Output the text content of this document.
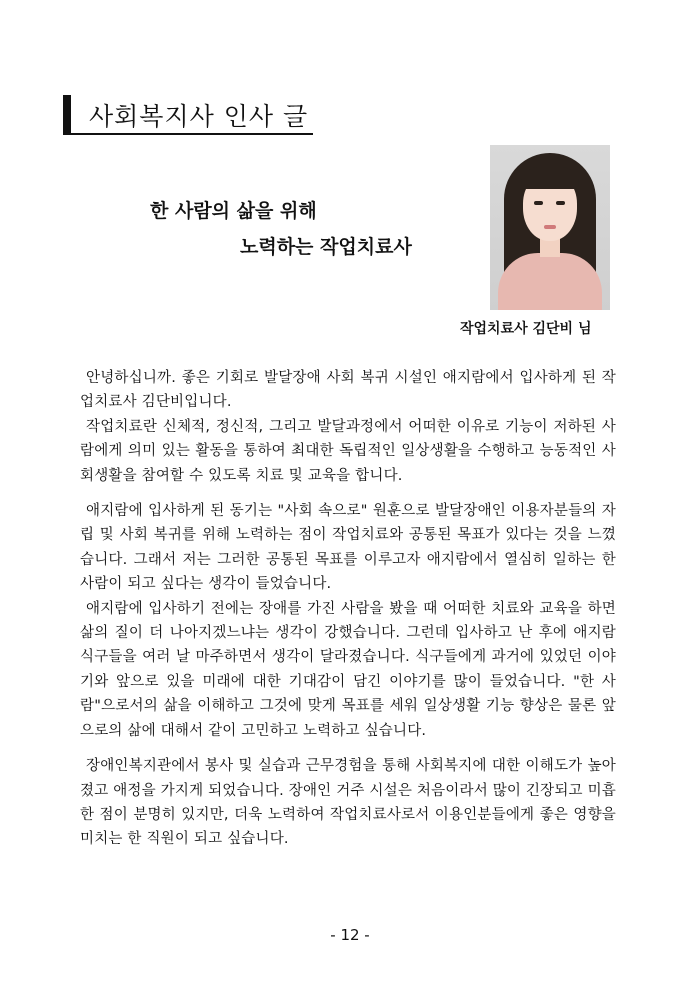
사회복지사 인사 글
한 사람의 삶을 위해
노력하는 작업치료사
작업치료사 김단비 님

안녕하십니까. 좋은 기회로 발달장애 사회 복귀 시설인 애지람에서 입사하게 된 작업치료사 김단비입니다.

작업치료란 신체적, 정신적, 그리고 발달과정에서 어떠한 이유로 기능이 저하된 사람에게 의미 있는 활동을 통하여 최대한 독립적인 일상생활을 수행하고 능동적인 사회생활을 참여할 수 있도록 치료 및 교육을 합니다.

애지람에 입사하게 된 동기는 "사회 속으로" 원훈으로 발달장애인 이용자분들의 자립 및 사회 복귀를 위해 노력하는 점이 작업치료와 공통된 목표가 있다는 것을 느꼈습니다. 그래서 저는 그러한 공통된 목표를 이루고자 애지람에서 열심히 일하는 한 사람이 되고 싶다는 생각이 들었습니다.

애지람에 입사하기 전에는 장애를 가진 사람을 봤을 때 어떠한 치료와 교육을 하면 삶의 질이 더 나아지겠느냐는 생각이 강했습니다. 그런데 입사하고 난 후에 애지람 식구들을 여러 날 마주하면서 생각이 달라졌습니다. 식구들에게 과거에 있었던 이야기와 앞으로 있을 미래에 대한 기대감이 담긴 이야기를 많이 들었습니다. "한 사람"으로서의 삶을 이해하고 그것에 맞게 목표를 세워 일상생활 기능 향상은 물론 앞으로의 삶에 대해서 같이 고민하고 노력하고 싶습니다.

장애인복지관에서 봉사 및 실습과 근무경험을 통해 사회복지에 대한 이해도가 높아졌고 애정을 가지게 되었습니다. 장애인 거주 시설은 처음이라서 많이 긴장되고 미흡한 점이 분명히 있지만, 더욱 노력하여 작업치료사로서 이용인분들에게 좋은 영향을 미치는 한 직원이 되고 싶습니다.

- 12 -
